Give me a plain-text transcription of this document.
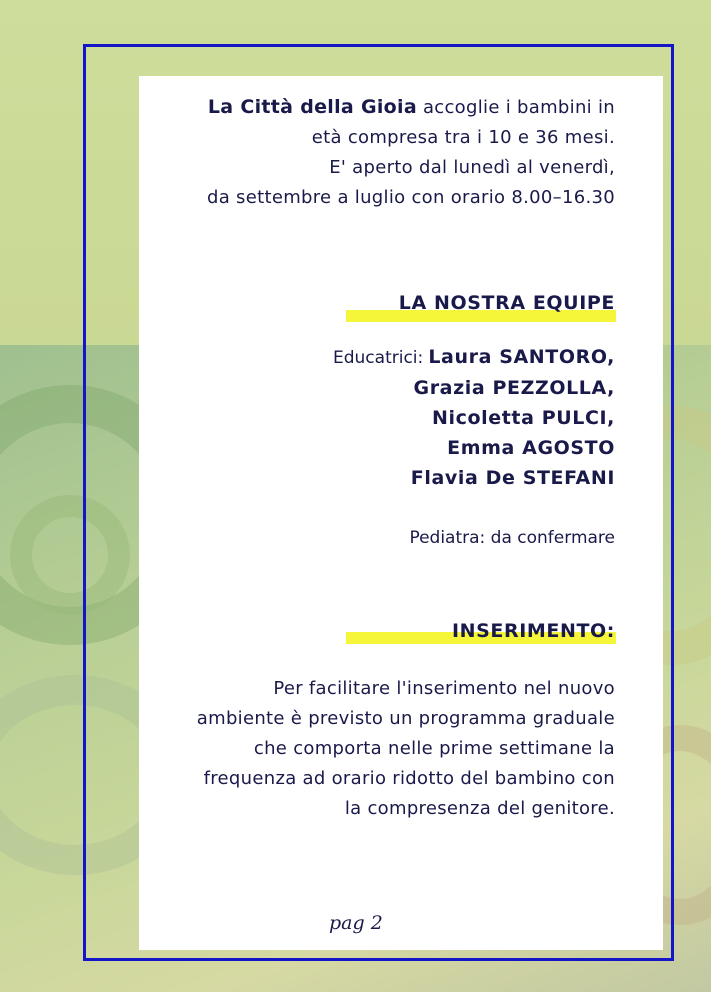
La Città della Gioia accoglie i bambini in
età compresa tra i 10 e 36 mesi.
E' aperto dal lunedì al venerdì,
da settembre a luglio con orario 8.00–16.30
LA NOSTRA EQUIPE
Educatrici: Laura SANTORO,
Grazia PEZZOLLA,
Nicoletta PULCI,
Emma AGOSTO
Flavia De STEFANI
Pediatra: da confermare
INSERIMENTO:
Per facilitare l'inserimento nel nuovo
ambiente è previsto un programma graduale
che comporta nelle prime settimane la
frequenza ad orario ridotto del bambino con
la compresenza del genitore.
pag 2
